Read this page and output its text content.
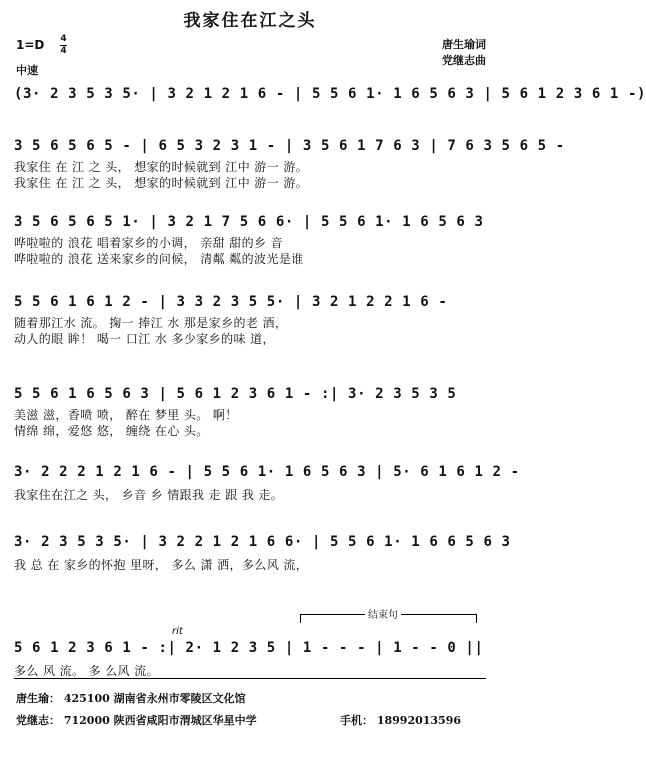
我家住在江之头
唐生瑜词
党继志曲
1=D 4
4
中速
(3· 2 3 5 3 5· | 3 2 1 2 1 6 - | 5 5 6 1· 1 6 5 6 3 | 5 6 1 2 3 6 1 -)
3 5 6 5 6 5 - | 6 5 3 2 3 1 - | 3 5 6 1 7 6 3 | 7 6 3 5 6 5 -
我家住 在 江 之 头， 想家的时候就到 江中 游一 游。
我家住 在 江 之 头， 想家的时候就到 江中 游一 游。
3 5 6 5 6 5 1· | 3 2 1 7 5 6 6· | 5 5 6 1· 1 6 5 6 3
哗啦啦的 浪花 唱着家乡的小调， 亲甜 甜的乡 音
哗啦啦的 浪花 送来家乡的问候， 清粼 粼的波光是谁
5 5 6 1 6 1 2 - | 3 3 2 3 5 5· | 3 2 1 2 2 1 6 -
随着那江水 流。 掬一 捧江 水 那是家乡的老 酒，
动人的眼 眸！ 喝一 口江 水 多少家乡的味 道，
5 5 6 1 6 5 6 3 | 5 6 1 2 3 6 1 - :| 3· 2 3 5 3 5
美滋 滋，香喷 喷， 醉在 梦里 头。 啊！
情绵 绵，爱悠 悠， 缠绕 在心 头。
3· 2 2 2 1 2 1 6 - | 5 5 6 1· 1 6 5 6 3 | 5· 6 1 6 1 2 -
我家住在江之 头， 乡音 乡 情跟我 走 跟 我 走。
3· 2 3 5 3 5· | 3 2 2 1 2 1 6 6· | 5 5 6 1· 1 6 6 5 6 3
我 总 在 家乡的怀抱 里呀， 多么 潇 洒，多么风 流，
结束句
rit
5 6 1 2 3 6 1 - :| 2· 1 2 3 5 | 1 - - - | 1 - - 0 ||
多么 风 流。 多 么风 流。
唐生瑜： 425100 湖南省永州市零陵区文化馆
党继志： 712000 陕西省咸阳市渭城区华星中学	手机： 18992013596
